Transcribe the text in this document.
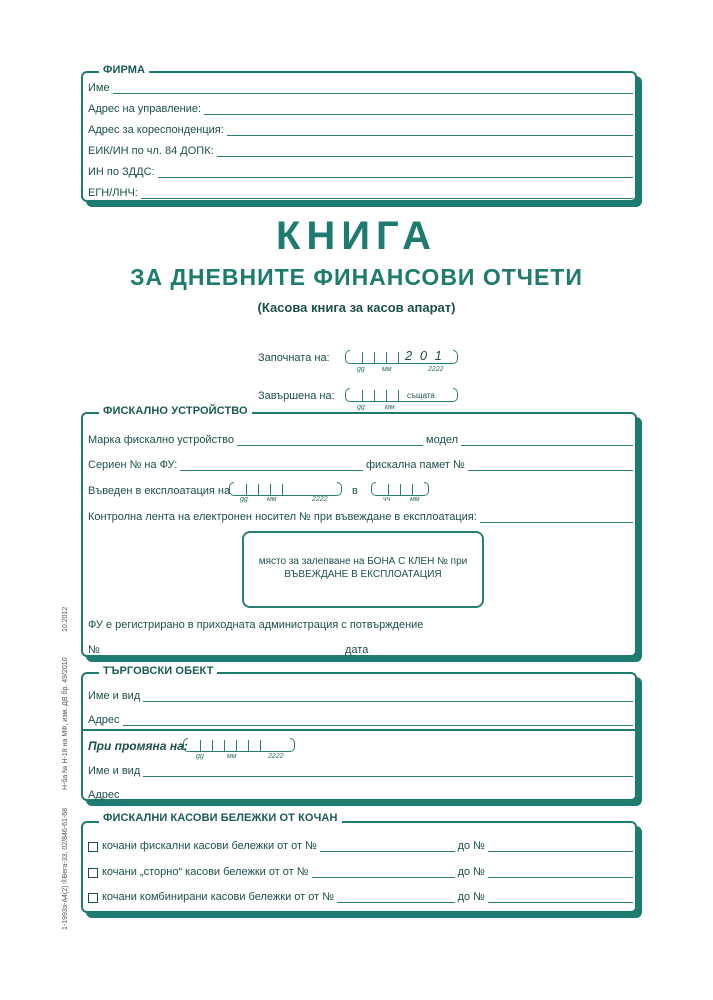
ФИРМА
Име
Адрес на управление:
Адрес за кореспонденция:
ЕИК/ИН по чл. 84 ДОПК:
ИН по ЗДДС:
ЕГН/ЛНЧ:
КНИГА
ЗА ДНЕВНИТЕ ФИНАНСОВИ ОТЧЕТИ
(Касова книга за касов апарат)
Започната на:	2 0 1
gg мм	2222
Завършена на:	същата
gg	мм
ФИСКАЛНО УСТРОЙСТВО
Марка фискално устройство	модел
Сериен № на ФУ:	фискална памет №
Въведен в експлоатация на
gg	мм	2222
в
чч	мм
Контролна лента на електронен носител № при въвеждане в експлоатация:
място за залепване на БОНА С КЛЕН № при
ВЪВЕЖДАНЕ В ЕКСПЛОАТАЦИЯ
ФУ е регистрирано в приходната администрация с потвърждение
№	дата
ТЪРГОВСКИ ОБЕКТ
Име и вид
Адрес
При промяна на:
gg	мм	2222
Име и вид
Адрес
ФИСКАЛНИ КАСОВИ БЕЛЕЖКИ ОТ КОЧАН
кочани фискални касови бележки от от №	до №
кочани „сторно“ касови бележки от от №	до №
кочани комбинирани касови бележки от от №	до №
1-1993з-А4(2) ®Вега-33, 02/846-61-68
Н-ба № Н-18 на МФ, изм. ДВ бр. 49/2010
10.2012
